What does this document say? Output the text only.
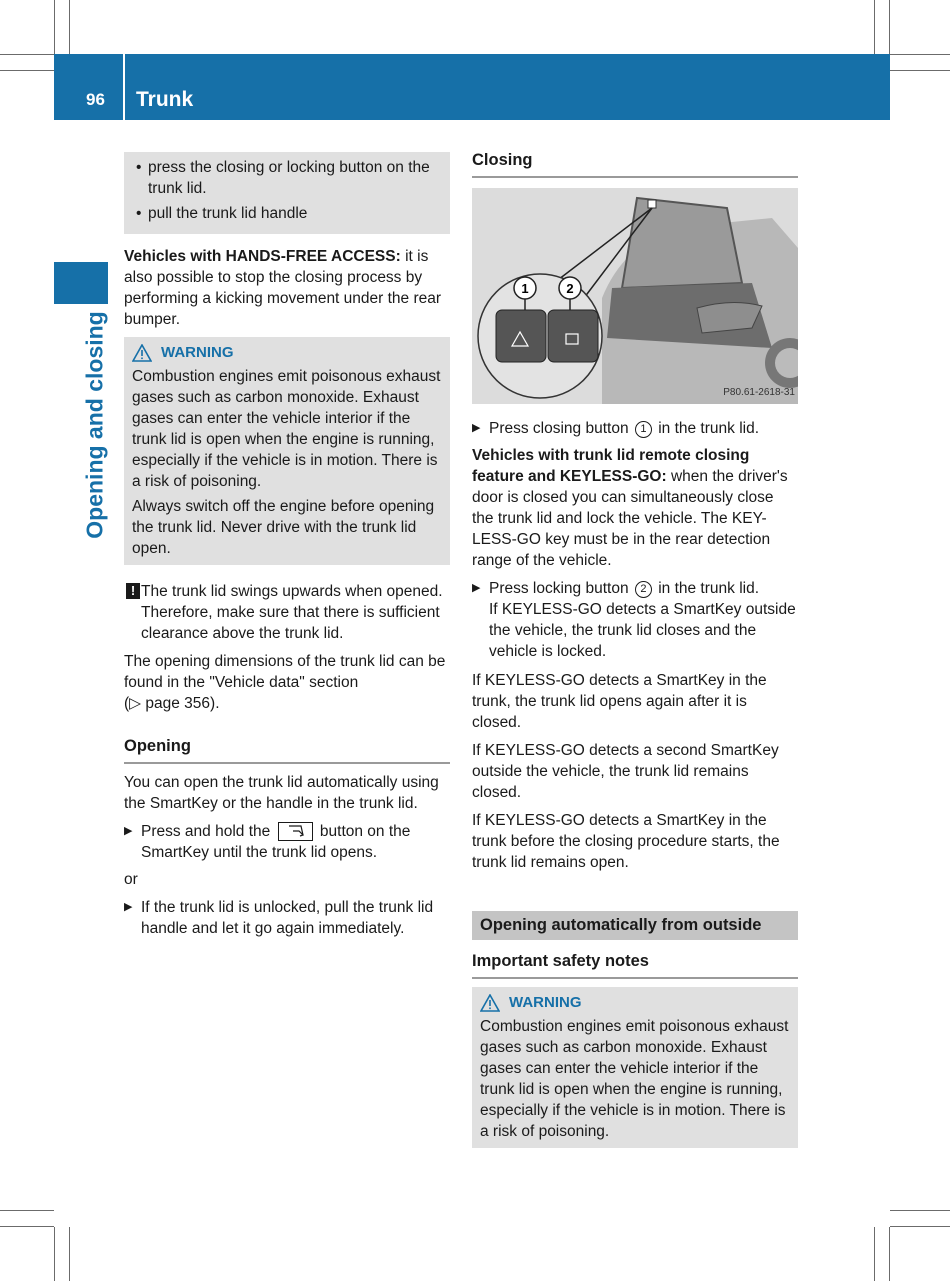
96 Trunk
Opening and closing
• press the closing or locking button on the trunk lid.
• pull the trunk lid handle

Vehicles with HANDS-FREE ACCESS: it is also possible to stop the closing process by performing a kicking movement under the rear bumper.

WARNING

Combustion engines emit poisonous exhaust gases such as carbon monoxide. Exhaust gases can enter the vehicle interior if the trunk lid is open when the engine is running, especially if the vehicle is in motion. There is a risk of poisoning.

Always switch off the engine before opening the trunk lid. Never drive with the trunk lid open.

! The trunk lid swings upwards when opened. Therefore, make sure that there is sufficient clearance above the trunk lid.

The opening dimensions of the trunk lid can be found in the "Vehicle data" section
(▷ page 356).

Opening

You can open the trunk lid automatically using the SmartKey or the handle in the trunk lid.

▶ Press and hold the	button on the SmartKey until the trunk lid opens.

or

▶ If the trunk lid is unlocked, pull the trunk lid handle and let it go again immediately.
Closing
1	2
P80.61-2618-31
▶ Press closing button 1 in the trunk lid.

Vehicles with trunk lid remote closing feature and KEYLESS-GO: when the driver's door is closed you can simultaneously close the trunk lid and lock the vehicle. The KEY-LESS-GO key must be in the rear detection range of the vehicle.

▶ Press locking button 2 in the trunk lid.
If KEYLESS-GO detects a SmartKey outside the vehicle, the trunk lid closes and the vehicle is locked.

If KEYLESS-GO detects a SmartKey in the trunk, the trunk lid opens again after it is closed.

If KEYLESS-GO detects a second SmartKey outside the vehicle, the trunk lid remains closed.

If KEYLESS-GO detects a SmartKey in the trunk before the closing procedure starts, the trunk lid remains open.

Opening automatically from outside
Important safety notes
WARNING

Combustion engines emit poisonous exhaust gases such as carbon monoxide. Exhaust gases can enter the vehicle interior if the trunk lid is open when the engine is running, especially if the vehicle is in motion. There is a risk of poisoning.
